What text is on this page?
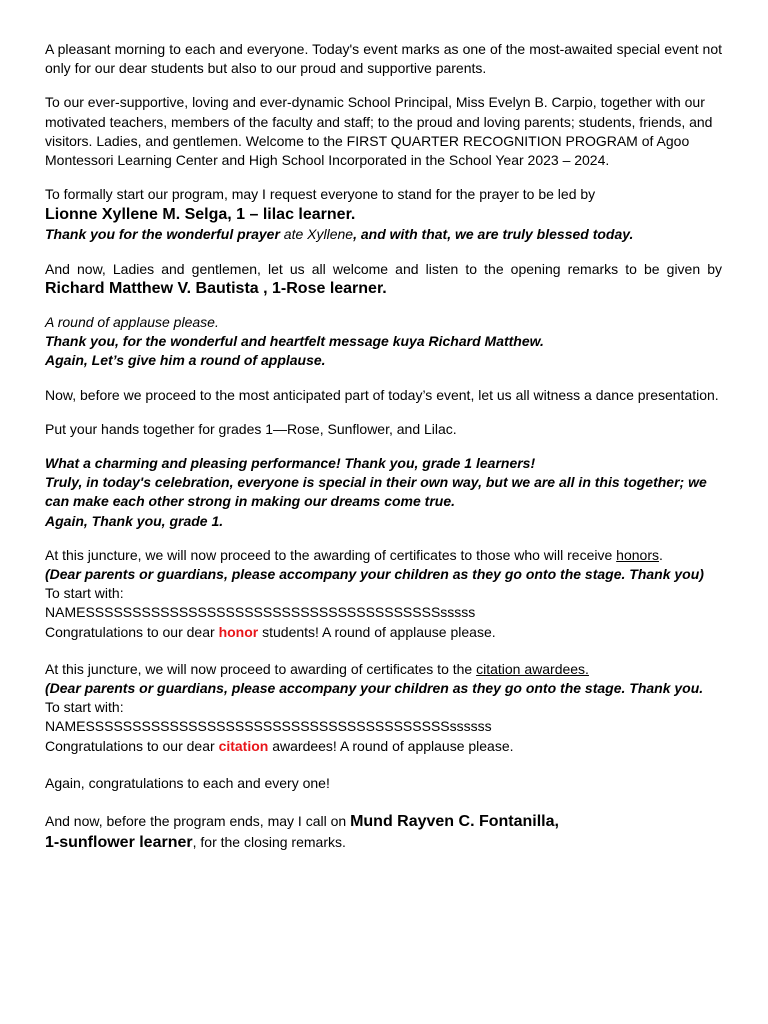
A pleasant morning to each and everyone. Today's event marks as one of the most-awaited special event not only for our dear students but also to our proud and supportive parents.

To our ever-supportive, loving and ever-dynamic School Principal, Miss Evelyn B. Carpio, together with our motivated teachers, members of the faculty and staff; to the proud and loving parents; students, friends, and visitors. Ladies, and gentlemen. Welcome to the FIRST QUARTER RECOGNITION PROGRAM of Agoo Montessori Learning Center and High School Incorporated in the School Year 2023 – 2024.

To formally start our program, may I request everyone to stand for the prayer to be led by

Lionne Xyllene M. Selga, 1 – lilac learner.

Thank you for the wonderful prayer ate Xyllene, and with that, we are truly blessed today.

And now, Ladies and gentlemen, let us all welcome and listen to the opening remarks to be given by Richard Matthew V. Bautista , 1-Rose learner.

A round of applause please.
Thank you, for the wonderful and heartfelt message kuya Richard Matthew.
Again, Let’s give him a round of applause.

Now, before we proceed to the most anticipated part of today’s event, let us all witness a dance presentation.

Put your hands together for grades 1—Rose, Sunflower, and Lilac.

What a charming and pleasing performance! Thank you, grade 1 learners!

Truly, in today's celebration, everyone is special in their own way, but we are all in this together; we can make each other strong in making our dreams come true.

Again, Thank you, grade 1.

At this juncture, we will now proceed to the awarding of certificates to those who will receive honors.

(Dear parents or guardians, please accompany your children as they go onto the stage. Thank you)

To start with:

NAMESSSSSSSSSSSSSSSSSSSSSSSSSSSSSSSSSSSSSSsssss

Congratulations to our dear honor students! A round of applause please.

At this juncture, we will now proceed to awarding of certificates to the citation awardees.

(Dear parents or guardians, please accompany your children as they go onto the stage. Thank you.

To start with:

NAMESSSSSSSSSSSSSSSSSSSSSSSSSSSSSSSSSSSSSSSssssss

Congratulations to our dear citation awardees! A round of applause please.

Again, congratulations to each and every one!

And now, before the program ends, may I call on Mund Rayven C. Fontanilla,
1-sunflower learner, for the closing remarks.
